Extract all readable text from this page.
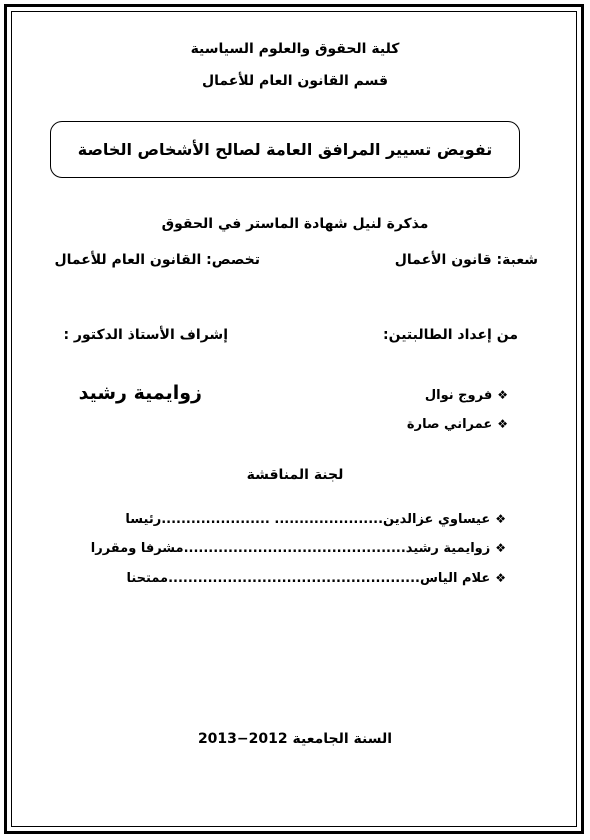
كلية الحقوق والعلوم السياسية
قسم القانون العام للأعمال
تفويض تسيير المرافق العامة لصالح الأشخاص الخاصة
مذكرة لنيل شهادة الماستر في الحقوق
شعبة: قانون الأعمال
تخصص: القانون العام للأعمال
من إعداد الطالبتين:
إشراف الأستاذ الدكتور :
❖فروج نوال
زوايمية رشيد
❖عمراني صارة
لجنة المناقشة
❖عيساوي عزالدين...................... ......................رئيسا
❖زوايمية رشيد.............................................مشرفا ومقررا
❖علام الياس...................................................ممتحنا
السنة الجامعية 2012−2013
